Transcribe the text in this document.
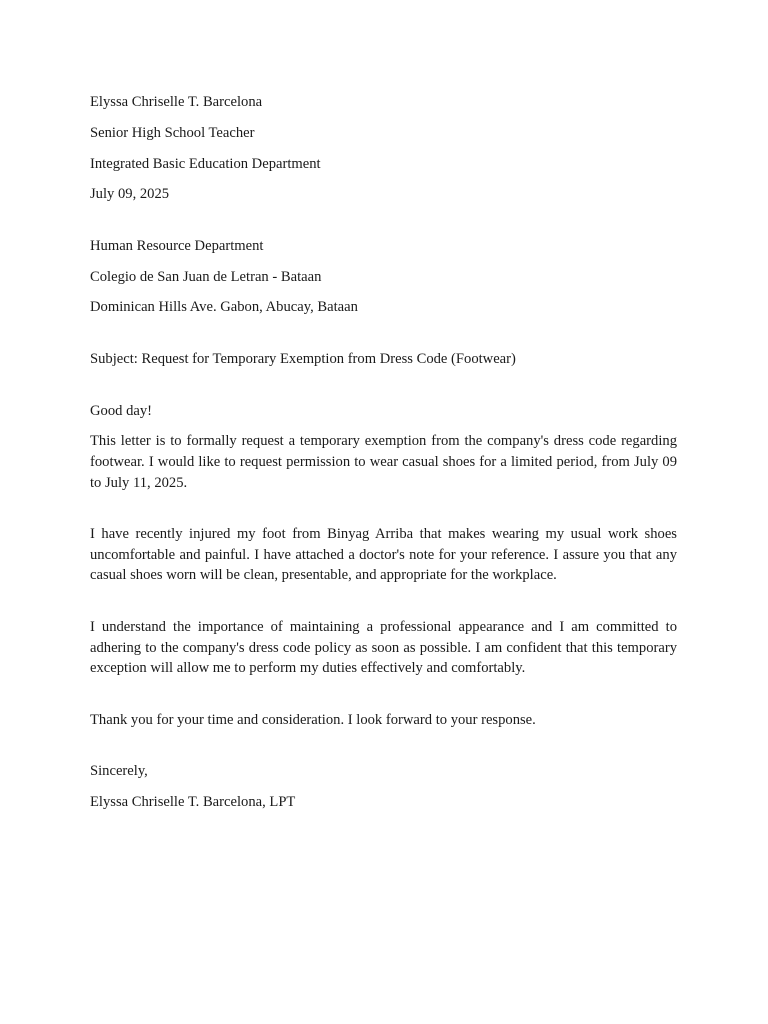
Elyssa Chriselle T. Barcelona
Senior High School Teacher
Integrated Basic Education Department
July 09, 2025
Human Resource Department
Colegio de San Juan de Letran - Bataan
Dominican Hills Ave. Gabon, Abucay, Bataan
Subject: Request for Temporary Exemption from Dress Code (Footwear)
Good day!
This letter is to formally request a temporary exemption from the company's dress code regarding footwear. I would like to request permission to wear casual shoes for a limited period, from July 09 to July 11, 2025.
I have recently injured my foot from Binyag Arriba that makes wearing my usual work shoes uncomfortable and painful. I have attached a doctor's note for your reference. I assure you that any casual shoes worn will be clean, presentable, and appropriate for the workplace.
I understand the importance of maintaining a professional appearance and I am committed to adhering to the company's dress code policy as soon as possible. I am confident that this temporary exception will allow me to perform my duties effectively and comfortably.
Thank you for your time and consideration. I look forward to your response.
Sincerely,
Elyssa Chriselle T. Barcelona, LPT
